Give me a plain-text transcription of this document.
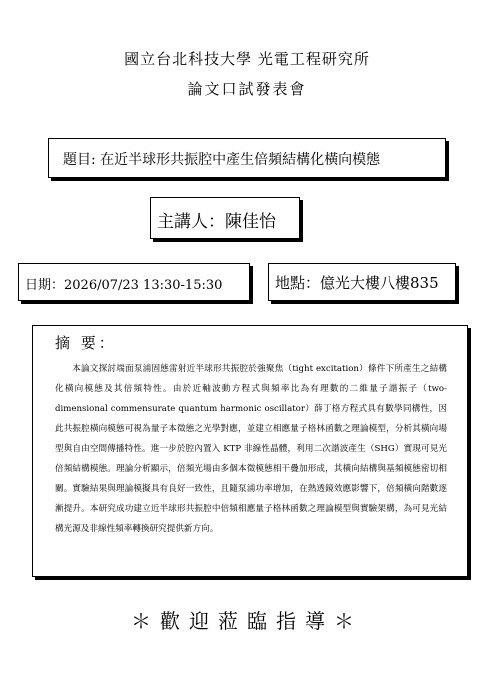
國立台北科技大學 光電工程研究所
論文口試發表會
題目: 在近半球形共振腔中產生倍頻結構化橫向模態
主講人：陳佳怡
日期：2026/07/23 13:30-15:30	地點：億光大樓八樓835
摘 要：
本論文探討端面泵浦固態雷射近半球形共振腔於強聚焦（tight excitation）條件下所產生之結構化橫向模態及其倍頻特性。由於近軸波動方程式與頻率比為有理數的二維量子諧振子（two-dimensional commensurate quantum harmonic oscillator）薛丁格方程式具有數學同構性，因此共振腔橫向模態可視為量子本徵態之光學對應，並建立相應量子格林函數之理論模型，分析其橫向場型與自由空間傳播特性。進一步於腔內置入 KTP 非線性晶體，利用二次諧波產生（SHG）實現可見光倍頻結構模態。理論分析顯示，倍頻光場由多個本徵模態相干疊加形成，其橫向結構與基頻模態密切相關。實驗結果與理論模擬具有良好一致性，且隨泵浦功率增加，在熱透鏡效應影響下，倍頻橫向階數逐漸提升。本研究成功建立近半球形共振腔中倍頻相應量子格林函數之理論模型與實驗架構，為可見光結構光源及非線性頻率轉換研究提供新方向。
＊歡迎蒞臨指導＊
